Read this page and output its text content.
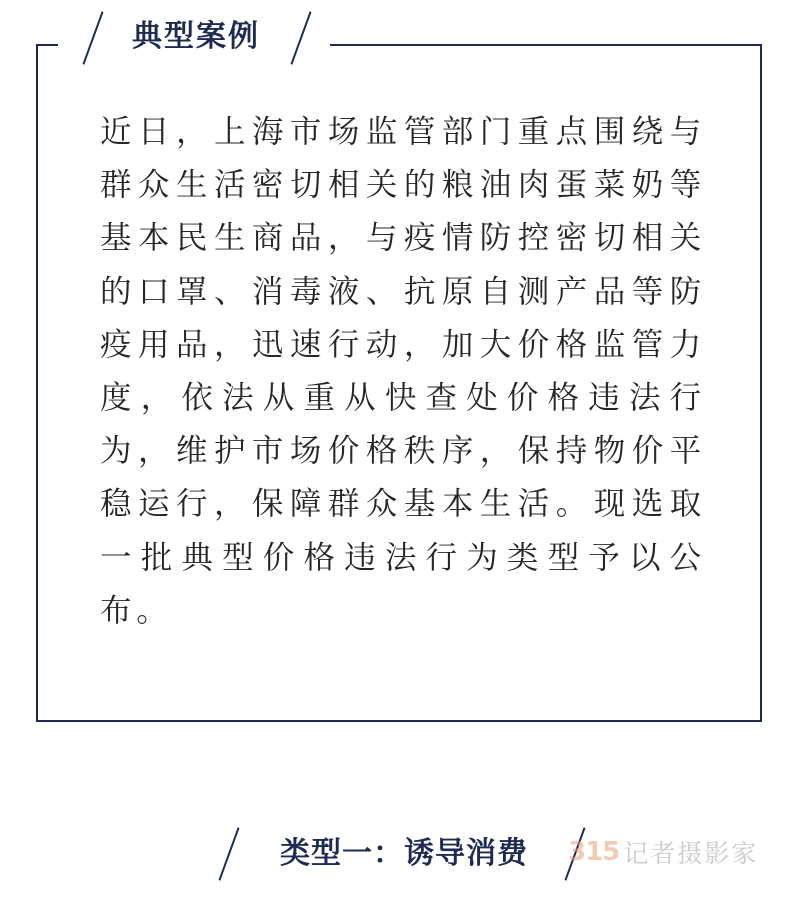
典型案例
近日，上海市场监管部门重点围绕与群众生活密切相关的粮油肉蛋菜奶等基本民生商品，与疫情防控密切相关的口罩、消毒液、抗原自测产品等防疫用品，迅速行动，加大价格监管力度，依法从重从快查处价格违法行为，维护市场价格秩序，保持物价平稳运行，保障群众基本生活。现选取一批典型价格违法行为类型予以公布。
类型一：诱导消费	315 记者摄影家
